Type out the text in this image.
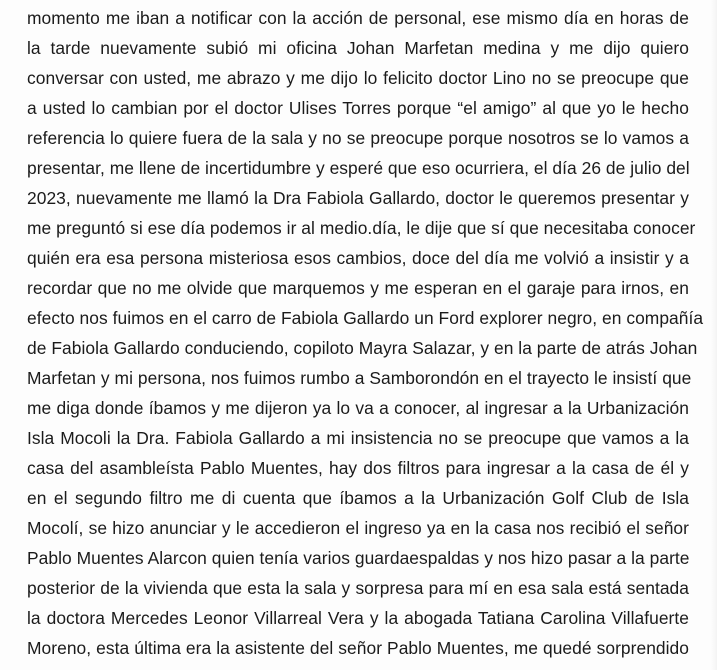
momento me iban a notificar con la acción de personal, ese mismo día en horas de
la tarde nuevamente subió mi oficina Johan Marfetan medina y me dijo quiero
conversar con usted, me abrazo y me dijo lo felicito doctor Lino no se preocupe que
a usted lo cambian por el doctor Ulises Torres porque “el amigo” al que yo le hecho
referencia lo quiere fuera de la sala y no se preocupe porque nosotros se lo vamos a
presentar, me llene de incertidumbre y esperé que eso ocurriera, el día 26 de julio del
2023, nuevamente me llamó la Dra Fabiola Gallardo, doctor le queremos presentar y
me preguntó si ese día podemos ir al medio.día, le dije que sí que necesitaba conocer
quién era esa persona misteriosa esos cambios, doce del día me volvió a insistir y a
recordar que no me olvide que marquemos y me esperan en el garaje para irnos, en
efecto nos fuimos en el carro de Fabiola Gallardo un Ford explorer negro, en compañía
de Fabiola Gallardo conduciendo, copiloto Mayra Salazar, y en la parte de atrás Johan
Marfetan y mi persona, nos fuimos rumbo a Samborondón en el trayecto le insistí que
me diga donde íbamos y me dijeron ya lo va a conocer, al ingresar a la Urbanización
Isla Mocoli la Dra. Fabiola Gallardo a mi insistencia no se preocupe que vamos a la
casa del asambleísta Pablo Muentes, hay dos filtros para ingresar a la casa de él y
en el segundo filtro me di cuenta que íbamos a la Urbanización Golf Club de Isla
Mocolí, se hizo anunciar y le accedieron el ingreso ya en la casa nos recibió el señor
Pablo Muentes Alarcon quien tenía varios guardaespaldas y nos hizo pasar a la parte
posterior de la vivienda que esta la sala y sorpresa para mí en esa sala está sentada
la doctora Mercedes Leonor Villarreal Vera y la abogada Tatiana Carolina Villafuerte
Moreno, esta última era la asistente del señor Pablo Muentes, me quedé sorprendido
